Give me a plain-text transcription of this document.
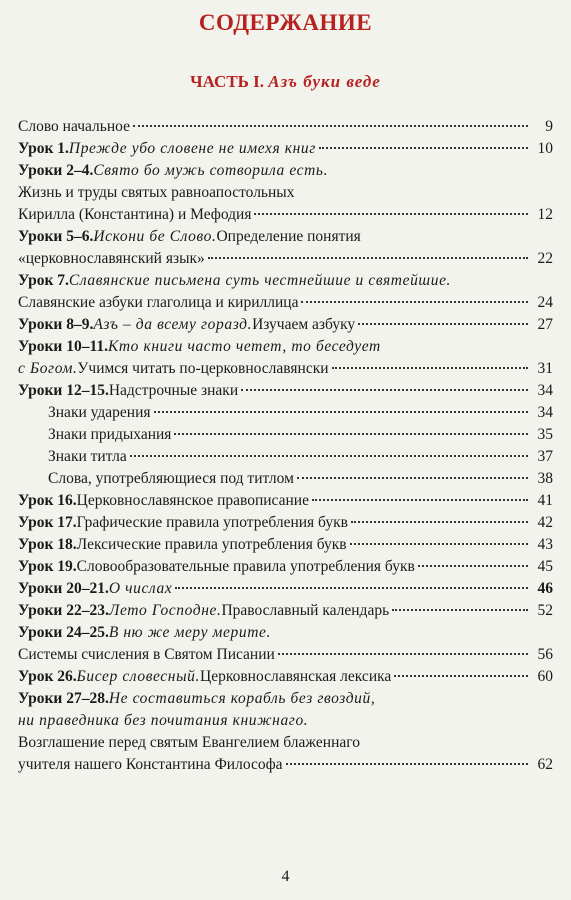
СОДЕРЖАНИЕ
ЧАСТЬ I. Азъ буки веде
Слово начальное	9
Урок 1. Прежде убо словене не имехя книг	10
Уроки 2–4. Свято бо мужь сотворила есть.
Жизнь и труды святых равноапостольных
Кирилла (Константина) и Мефодия	12
Уроки 5–6. Искони бе Слово. Определение понятия
«церковнославянский язык»	22
Урок 7. Славянские письмена суть честнейшие и святейшие.
Славянские азбуки глаголица и кириллица	24
Уроки 8–9. Азъ – да всему горазд. Изучаем азбуку	27
Уроки 10–11. Кто книги часто четет, то беседует
с Богом. Учимся читать по-церковнославянски	31
Уроки 12–15. Надстрочные знаки	34
Знаки ударения	34
Знаки придыхания	35
Знаки титла	37
Слова, употребляющиеся под титлом	38
Урок 16. Церковнославянское правописание	41
Урок 17. Графические правила употребления букв	42
Урок 18. Лексические правила употребления букв	43
Урок 19. Словообразовательные правила употребления букв	45
Уроки 20–21. О числах	46
Уроки 22–23. Лето Господне. Православный календарь	52
Уроки 24–25. В ню же меру мерите.
Системы счисления в Святом Писании	56
Урок 26. Бисер словесный. Церковнославянская лексика	60
Уроки 27–28. Не составиться корабль без гвоздий,
ни праведника без почитания книжнаго.
Возглашение перед святым Евангелием блаженнаго
учителя нашего Константина Философа	62
4
